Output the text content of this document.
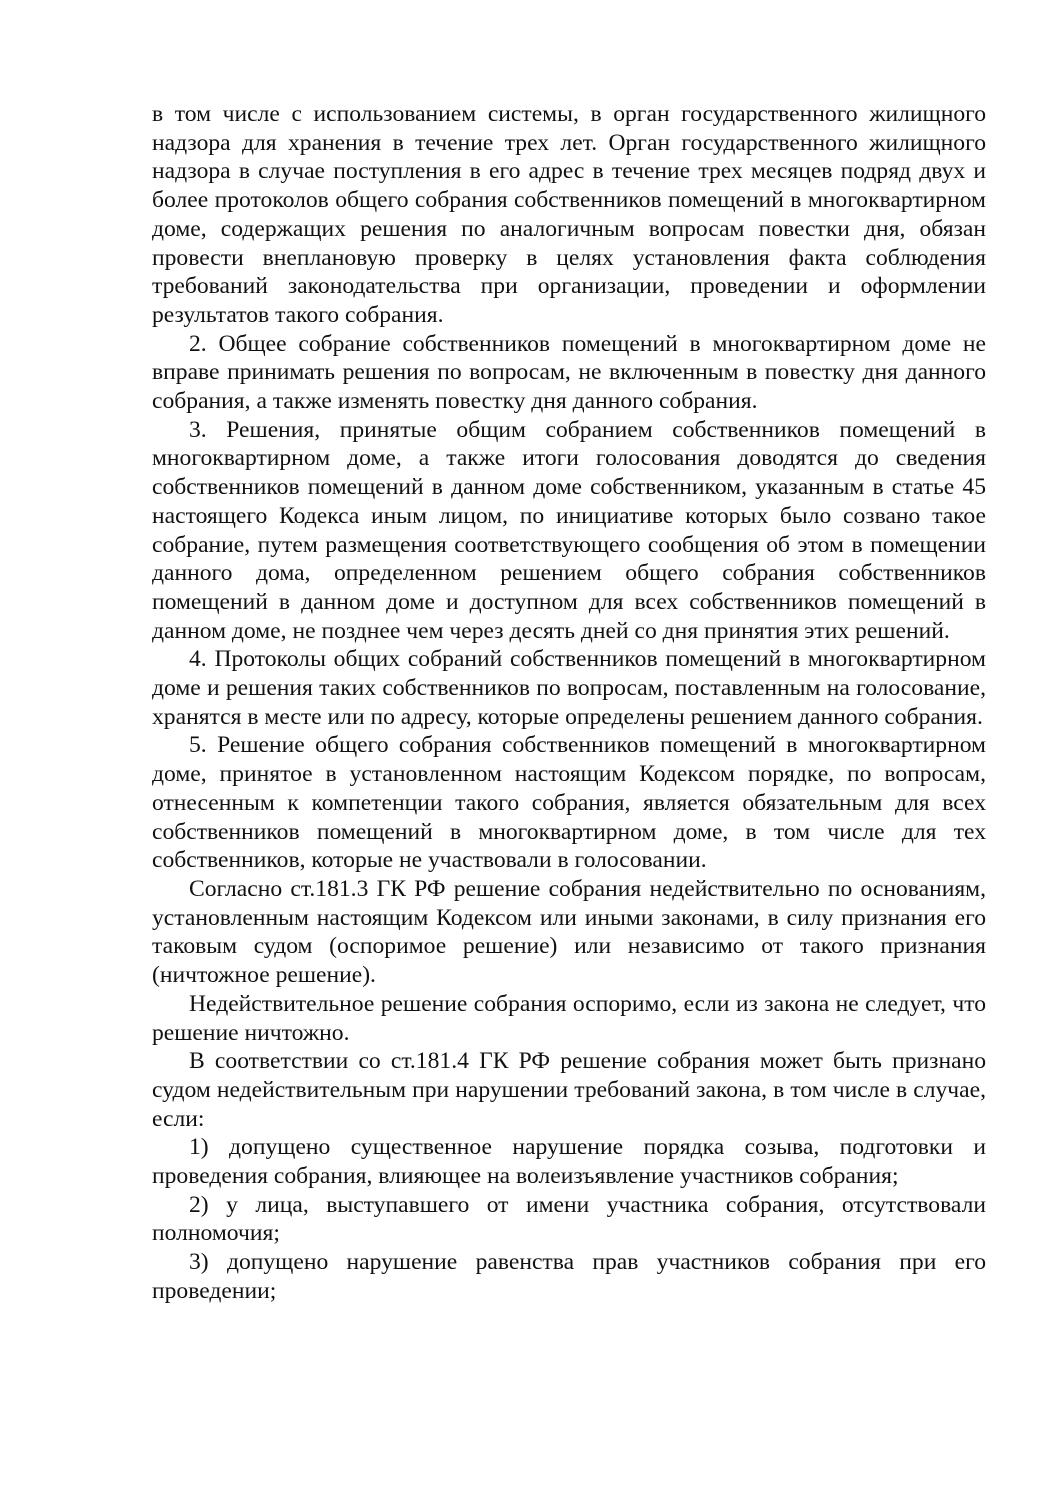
в том числе с использованием системы, в орган государственного жилищного надзора для хранения в течение трех лет. Орган государственного жилищного надзора в случае поступления в его адрес в течение трех месяцев подряд двух и более протоколов общего собрания собственников помещений в многоквартирном доме, содержащих решения по аналогичным вопросам повестки дня, обязан провести внеплановую проверку в целях установления факта соблюдения требований законодательства при организации, проведении и оформлении результатов такого собрания.

2. Общее собрание собственников помещений в многоквартирном доме не вправе принимать решения по вопросам, не включенным в повестку дня данного собрания, а также изменять повестку дня данного собрания.

3. Решения, принятые общим собранием собственников помещений в многоквартирном доме, а также итоги голосования доводятся до сведения собственников помещений в данном доме собственником, указанным в статье 45 настоящего Кодекса иным лицом, по инициативе которых было созвано такое собрание, путем размещения соответствующего сообщения об этом в помещении данного дома, определенном решением общего собрания собственников помещений в данном доме и доступном для всех собственников помещений в данном доме, не позднее чем через десять дней со дня принятия этих решений.

4. Протоколы общих собраний собственников помещений в многоквартирном доме и решения таких собственников по вопросам, поставленным на голосование, хранятся в месте или по адресу, которые определены решением данного собрания.

5. Решение общего собрания собственников помещений в многоквартирном доме, принятое в установленном настоящим Кодексом порядке, по вопросам, отнесенным к компетенции такого собрания, является обязательным для всех собственников помещений в многоквартирном доме, в том числе для тех собственников, которые не участвовали в голосовании.

Согласно ст.181.3 ГК РФ решение собрания недействительно по основаниям, установленным настоящим Кодексом или иными законами, в силу признания его таковым судом (оспоримое решение) или независимо от такого признания (ничтожное решение).

Недействительное решение собрания оспоримо, если из закона не следует, что решение ничтожно.

В соответствии со ст.181.4 ГК РФ решение собрания может быть признано судом недействительным при нарушении требований закона, в том числе в случае, если:

1) допущено существенное нарушение порядка созыва, подготовки и проведения собрания, влияющее на волеизъявление участников собрания;

2) у лица, выступавшего от имени участника собрания, отсутствовали полномочия;

3) допущено нарушение равенства прав участников собрания при его проведении;
